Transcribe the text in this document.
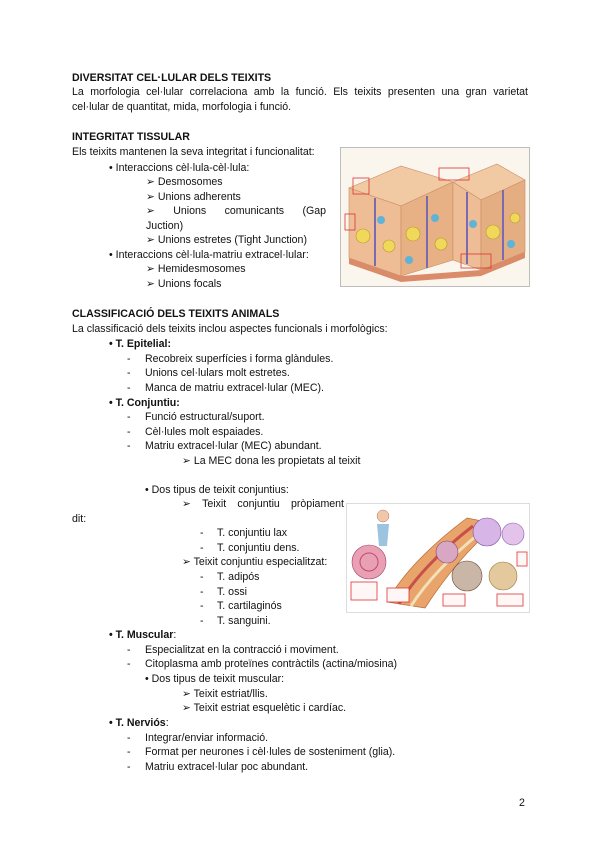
DIVERSITAT CEL·LULAR DELS TEIXITS
La morfologia cel·lular correlaciona amb la funció. Els teixits presenten una gran varietat
cel·lular de quantitat, mida, morfologia i funció.
INTEGRITAT TISSULAR
Els teixits mantenen la seva integritat i funcionalitat:
• Interaccions cèl·lula-cèl·lula:
➢ Desmosomes
➢ Unions adherents
➢ Unions comunicants (Gap
Juction)
➢ Unions estretes (Tight Junction)
• Interaccions cèl·lula-matriu extracel·lular:
➢ Hemidesmosomes
➢ Unions focals
CLASSIFICACIÓ DELS TEIXITS ANIMALS
La classificació dels teixits inclou aspectes funcionals i morfològics:
• T. Epitelial:
- Recobreix superfícies i forma glàndules.
- Unions cel·lulars molt estretes.
- Manca de matriu extracel·lular (MEC).
• T. Conjuntiu:
- Funció estructural/suport.
- Cèl·lules molt espaiades.
- Matriu extracel·lular (MEC) abundant.
➢ La MEC dona les propietats al teixit
• Dos tipus de teixit conjuntius:
➢ Teixit conjuntiu pròpiament
dit:
- T. conjuntiu lax
- T. conjuntiu dens.
➢ Teixit conjuntiu especialitzat:
- T. adipós
- T. ossi
- T. cartilaginós
- T. sanguini.
• T. Muscular:
- Especialitzat en la contracció i moviment.
- Citoplasma amb proteïnes contràctils (actina/miosina)
• Dos tipus de teixit muscular:
➢ Teixit estriat/llis.
➢ Teixit estriat esquelètic i cardíac.
• T. Nerviós:
- Integrar/enviar informació.
- Format per neurones i cèl·lules de sosteniment (glia).
- Matriu extracel·lular poc abundant.
2
